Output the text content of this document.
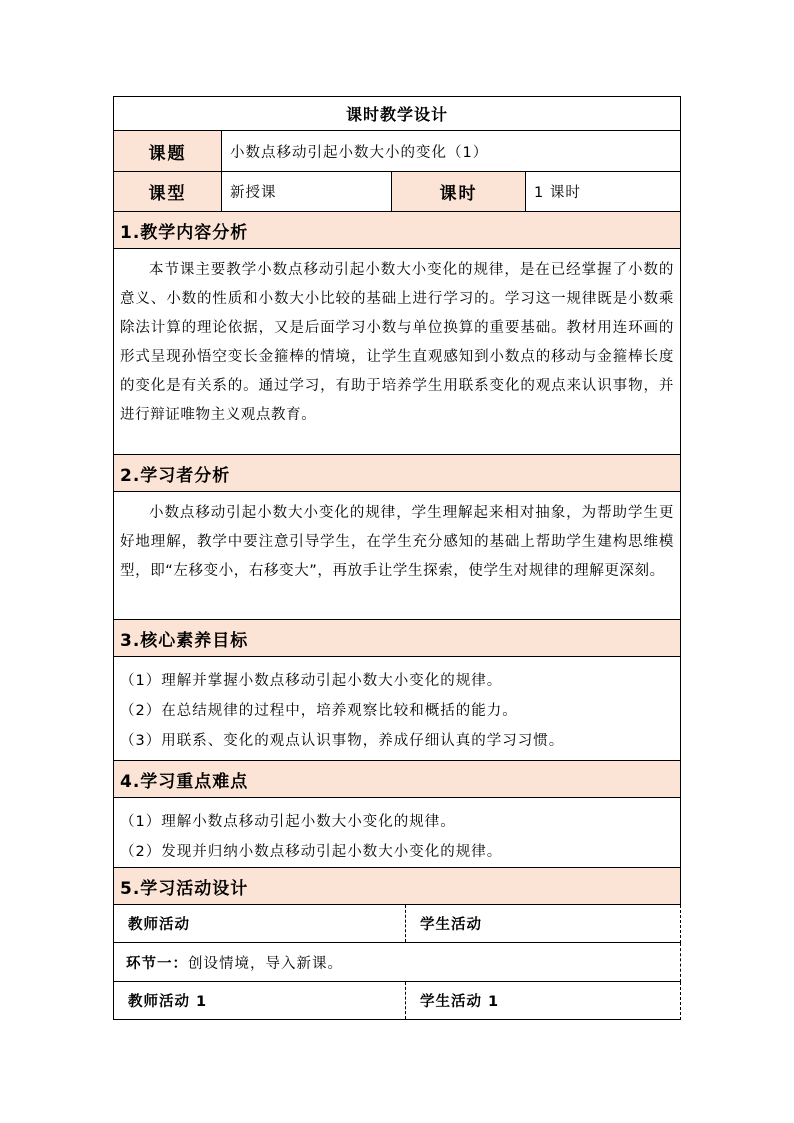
课时教学设计
课题	小数点移动引起小数大小的变化（1）
课型	新授课	课时	1 课时
1.教学内容分析
本节课主要教学小数点移动引起小数大小变化的规律，是在已经掌握了小数的意义、小数的性质和小数大小比较的基础上进行学习的。学习这一规律既是小数乘除法计算的理论依据，又是后面学习小数与单位换算的重要基础。教材用连环画的形式呈现孙悟空变长金箍棒的情境，让学生直观感知到小数点的移动与金箍棒长度的变化是有关系的。通过学习，有助于培养学生用联系变化的观点来认识事物，并进行辩证唯物主义观点教育。
2.学习者分析
小数点移动引起小数大小变化的规律，学生理解起来相对抽象，为帮助学生更好地理解，教学中要注意引导学生，在学生充分感知的基础上帮助学生建构思维模型，即“左移变小，右移变大”，再放手让学生探索，使学生对规律的理解更深刻。
3.核心素养目标
（1）理解并掌握小数点移动引起小数大小变化的规律。
（2）在总结规律的过程中，培养观察比较和概括的能力。
（3）用联系、变化的观点认识事物，养成仔细认真的学习习惯。
4.学习重点难点
（1）理解小数点移动引起小数大小变化的规律。
（2）发现并归纳小数点移动引起小数大小变化的规律。
5.学习活动设计
教师活动	学生活动
环节一： 创设情境，导入新课。
教师活动 1	学生活动 1
